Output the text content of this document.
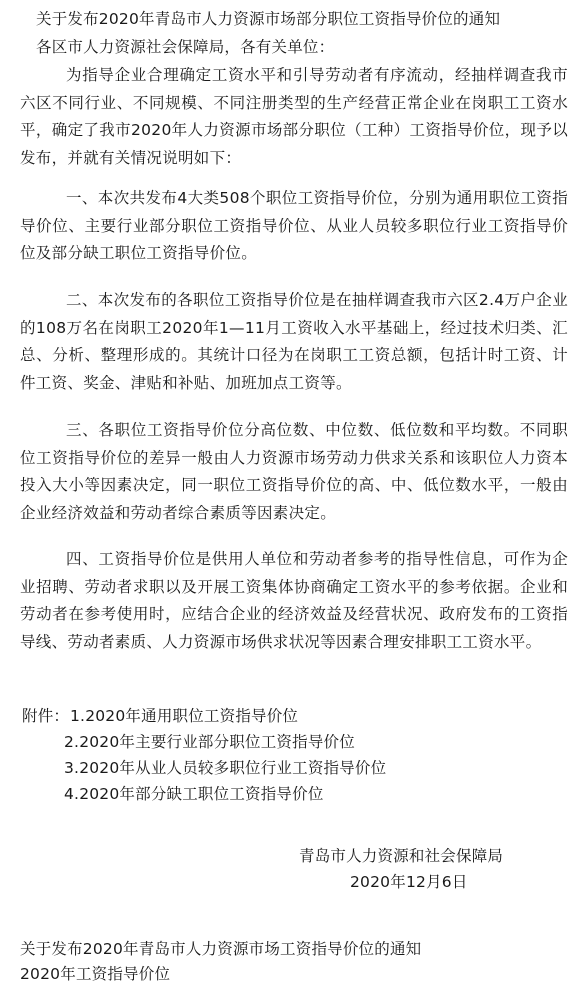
关于发布2020年青岛市人力资源市场部分职位工资指导价位的通知
各区市人力资源社会保障局，各有关单位：
为指导企业合理确定工资水平和引导劳动者有序流动，经抽样调查我市六区不同行业、不同规模、不同注册类型的生产经营正常企业在岗职工工资水平，确定了我市2020年人力资源市场部分职位（工种）工资指导价位，现予以发布，并就有关情况说明如下：
一、本次共发布4大类508个职位工资指导价位，分别为通用职位工资指导价位、主要行业部分职位工资指导价位、从业人员较多职位行业工资指导价位及部分缺工职位工资指导价位。
二、本次发布的各职位工资指导价位是在抽样调查我市六区2.4万户企业的108万名在岗职工2020年1—11月工资收入水平基础上，经过技术归类、汇总、分析、整理形成的。其统计口径为在岗职工工资总额，包括计时工资、计件工资、奖金、津贴和补贴、加班加点工资等。
三、各职位工资指导价位分高位数、中位数、低位数和平均数。不同职位工资指导价位的差异一般由人力资源市场劳动力供求关系和该职位人力资本投入大小等因素决定，同一职位工资指导价位的高、中、低位数水平，一般由企业经济效益和劳动者综合素质等因素决定。
四、工资指导价位是供用人单位和劳动者参考的指导性信息，可作为企业招聘、劳动者求职以及开展工资集体协商确定工资水平的参考依据。企业和劳动者在参考使用时，应结合企业的经济效益及经营状况、政府发布的工资指导线、劳动者素质、人力资源市场供求状况等因素合理安排职工工资水平。
附件： 1.2020年通用职位工资指导价位
2.2020年主要行业部分职位工资指导价位
3.2020年从业人员较多职位行业工资指导价位
4.2020年部分缺工职位工资指导价位
青岛市人力资源和社会保障局
2020年12月6日
关于发布2020年青岛市人力资源市场工资指导价位的通知
2020年工资指导价位
